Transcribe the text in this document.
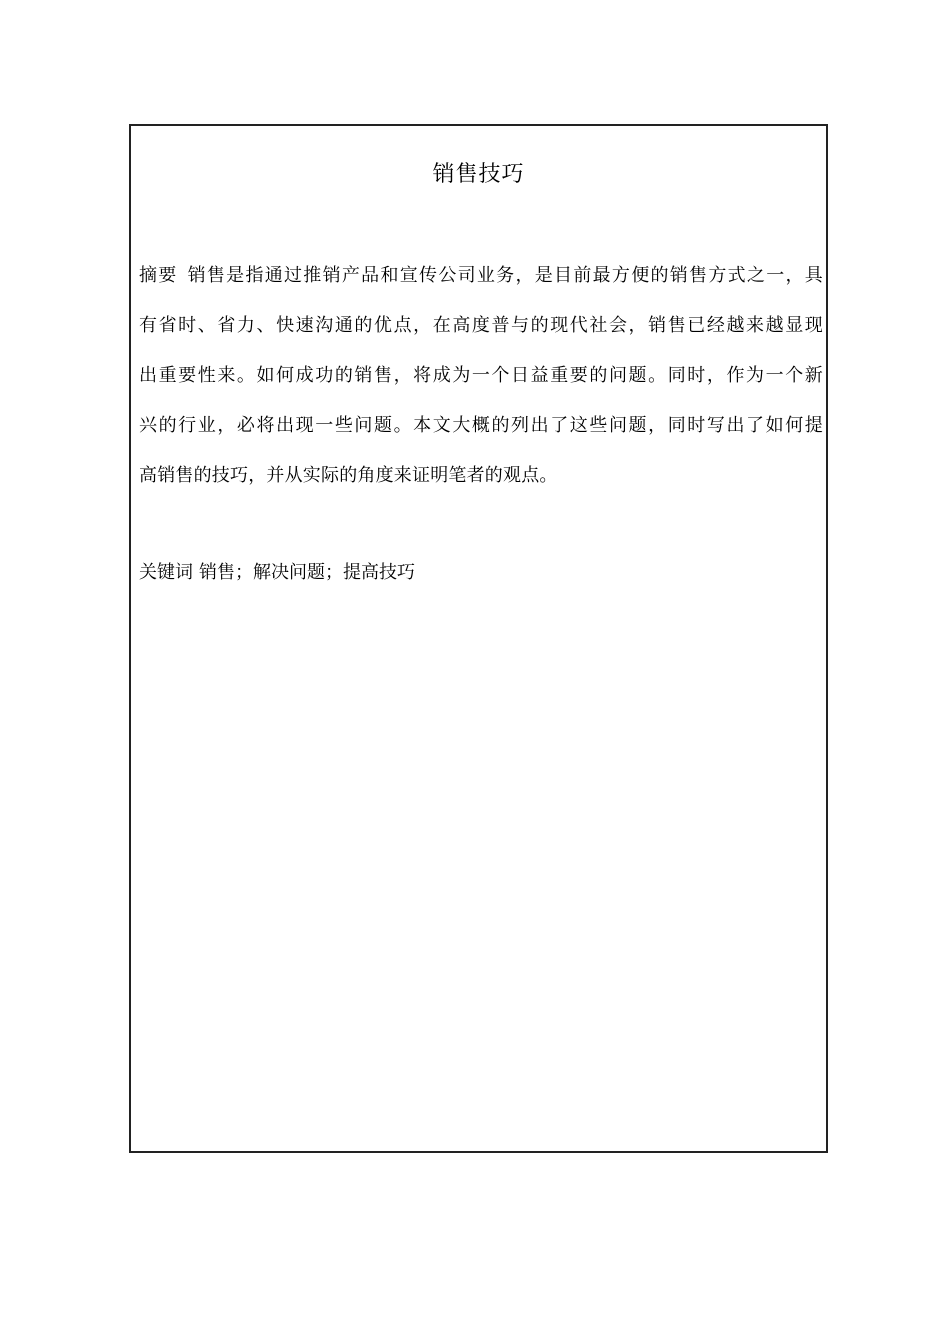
销售技巧
摘要 销售是指通过推销产品和宣传公司业务，是目前最方便的销售方式之一，具
有省时、省力、快速沟通的优点，在高度普与的现代社会，销售已经越来越显现
出重要性来。如何成功的销售，将成为一个日益重要的问题。同时，作为一个新
兴的行业，必将出现一些问题。本文大概的列出了这些问题，同时写出了如何提
高销售的技巧，并从实际的角度来证明笔者的观点。
关键词 销售；解决问题；提高技巧
